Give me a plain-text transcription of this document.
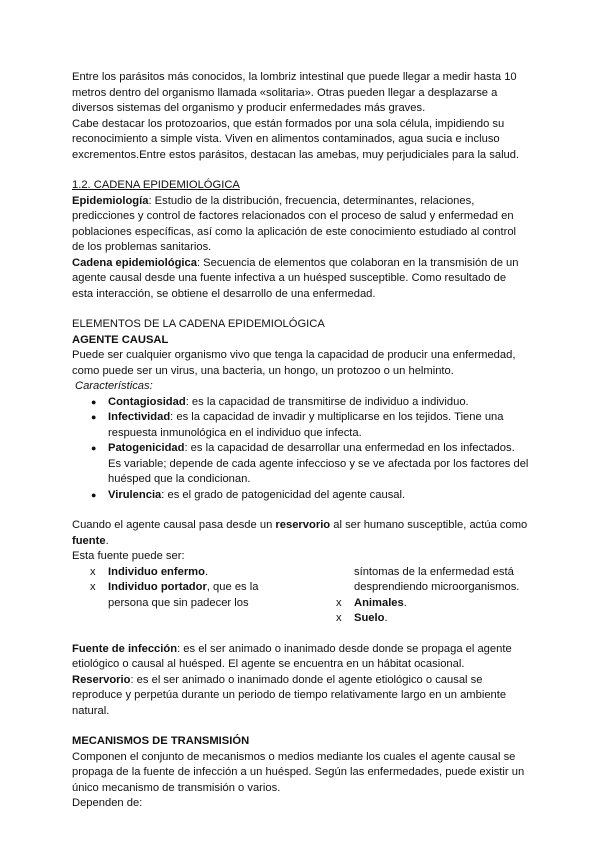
Entre los parásitos más conocidos, la lombriz intestinal que puede llegar a medir hasta 10 metros dentro del organismo llamada «solitaria». Otras pueden llegar a desplazarse a diversos sistemas del organismo y producir enfermedades más graves.

Cabe destacar los protozoarios, que están formados por una sola célula, impidiendo su reconocimiento a simple vista. Viven en alimentos contaminados, agua sucia e incluso excrementos.Entre estos parásitos, destacan las amebas, muy perjudiciales para la salud.

1.2. CADENA EPIDEMIOLÓGICA

Epidemiología: Estudio de la distribución, frecuencia, determinantes, relaciones, predicciones y control de factores relacionados con el proceso de salud y enfermedad en poblaciones específicas, así como la aplicación de este conocimiento estudiado al control de los problemas sanitarios.

Cadena epidemiológica: Secuencia de elementos que colaboran en la transmisión de un agente causal desde una fuente infectiva a un huésped susceptible. Como resultado de esta interacción, se obtiene el desarrollo de una enfermedad.

ELEMENTOS DE LA CADENA EPIDEMIOLÓGICA

AGENTE CAUSAL

Puede ser cualquier organismo vivo que tenga la capacidad de producir una enfermedad, como puede ser un virus, una bacteria, un hongo, un protozoo o un helminto.

Características:

● Contagiosidad: es la capacidad de transmitirse de individuo a individuo.
● Infectividad: es la capacidad de invadir y multiplicarse en los tejidos. Tiene una respuesta inmunológica en el individuo que infecta.
● Patogenicidad: es la capacidad de desarrollar una enfermedad en los infectados. Es variable; depende de cada agente infeccioso y se ve afectada por los factores del huésped que la condicionan.
● Virulencia: es el grado de patogenicidad del agente causal.

Cuando el agente causal pasa desde un reservorio al ser humano susceptible, actúa como fuente.

Esta fuente puede ser:

x Individuo enfermo.
x Individuo portador, que es la
persona que sin padecer los
síntomas de la enfermedad está
desprendiendo microorganismos.
x Animales.
x Suelo.

Fuente de infección: es el ser animado o inanimado desde donde se propaga el agente etiológico o causal al huésped. El agente se encuentra en un hábitat ocasional.

Reservorio: es el ser animado o inanimado donde el agente etiológico o causal se reproduce y perpetúa durante un periodo de tiempo relativamente largo en un ambiente natural.

MECANISMOS DE TRANSMISIÓN

Componen el conjunto de mecanismos o medios mediante los cuales el agente causal se propaga de la fuente de infección a un huésped. Según las enfermedades, puede existir un único mecanismo de transmisión o varios.

Dependen de:
